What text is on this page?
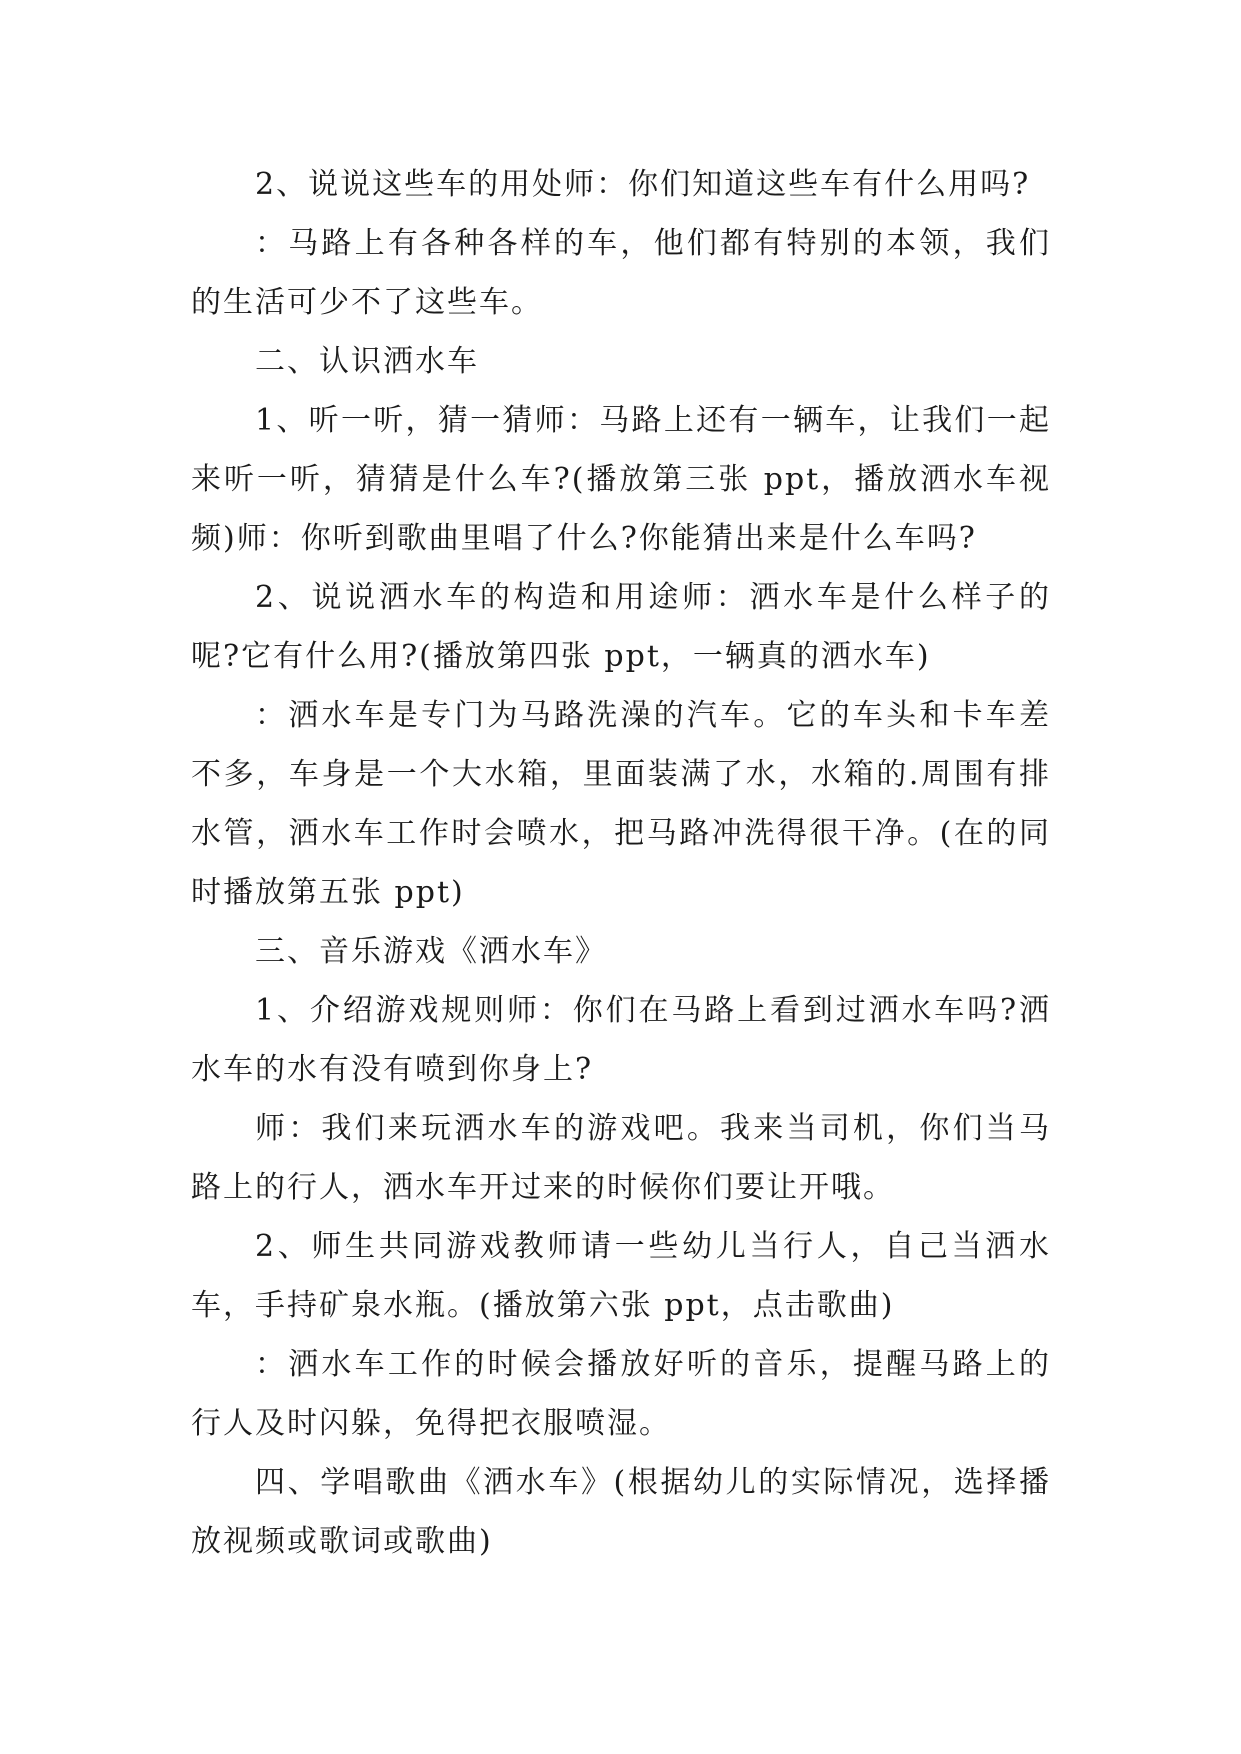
2、说说这些车的用处师：你们知道这些车有什么用吗?

：马路上有各种各样的车，他们都有特别的本领，我们的生活可少不了这些车。

二、认识洒水车

1、听一听，猜一猜师：马路上还有一辆车，让我们一起来听一听，猜猜是什么车?(播放第三张 ppt，播放洒水车视频)师：你听到歌曲里唱了什么?你能猜出来是什么车吗?

2、说说洒水车的构造和用途师：洒水车是什么样子的呢?它有什么用?(播放第四张 ppt，一辆真的洒水车)

：洒水车是专门为马路洗澡的汽车。它的车头和卡车差不多，车身是一个大水箱，里面装满了水，水箱的.周围有排水管，洒水车工作时会喷水，把马路冲洗得很干净。(在的同时播放第五张 ppt)

三、音乐游戏《洒水车》

1、介绍游戏规则师：你们在马路上看到过洒水车吗?洒水车的水有没有喷到你身上?

师：我们来玩洒水车的游戏吧。我来当司机，你们当马路上的行人，洒水车开过来的时候你们要让开哦。

2、师生共同游戏教师请一些幼儿当行人，自己当洒水车，手持矿泉水瓶。(播放第六张 ppt，点击歌曲)

：洒水车工作的时候会播放好听的音乐，提醒马路上的行人及时闪躲，免得把衣服喷湿。

四、学唱歌曲《洒水车》(根据幼儿的实际情况，选择播放视频或歌词或歌曲)
